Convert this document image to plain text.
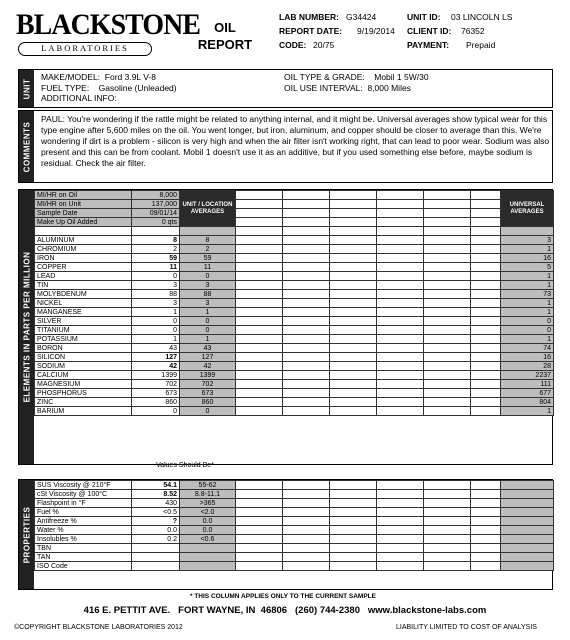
BLACKSTONE
LABORATORIES
OIL
REPORT
LAB NUMBER: G34424	UNIT ID: 03 LINCOLN LS
REPORT DATE: 9/19/2014 CLIENT ID: 76352
CODE: 20/75	PAYMENT: Prepaid
UNIT
MAKE/MODEL: Ford 3.9L V-8
FUEL TYPE: Gasoline (Unleaded)
ADDITIONAL INFO:
OIL TYPE & GRADE: Mobil 1 5W/30
OIL USE INTERVAL: 8,000 Miles
COMMENTS
PAUL: You're wondering if the rattle might be related to anything internal, and it might be. Universal averages show typical wear for this type engine after 5,600 miles on the oil. You went longer, but iron, aluminum, and copper should be closer to average than this. We're wondering if dirt is a problem - silicon is very high and when the air filter isn't working right, that can lead to poor wear. Sodium was also present and this can be from coolant. Mobil 1 doesn't use it as an additive, but if you used something else before, maybe sodium is residual. Check the air filter.
ELEMENTS IN PARTS PER MILLION
MI/HR on Oil	8,000	UNIT / LOCATION AVERAGES							UNIVERSAL AVERAGES
MI/HR on Unit	137,000								
Sample Date	09/01/14								
Make Up Oil Added	0 qts								

ALUMINUM	8	8							3
CHROMIUM	2	2							1
IRON	59	59							16
COPPER	11	11							5
LEAD	0	0							1
TIN	3	3							1
MOLYBDENUM	88	88							73
NICKEL	3	3							1
MANGANESE	1	1							1
SILVER	0	0							0
TITANIUM	0	0							0
POTASSIUM	1	1							1
BORON	43	43							74
SILICON	127	127							16
SODIUM	42	42							28
CALCIUM	1399	1399							2237
MAGNESIUM	702	702							111
PHOSPHORUS	673	673							677
ZINC	860	860							804
BARIUM	0	0							1
Values Should Be*
PROPERTIES
SUS Viscosity @ 210°F	54.1	55-62							
cSt Viscosity @ 100°C	8.52	8.8-11.1							
Flashpoint in °F	430	>365							
Fuel %	<0.5	<2.0							
Antifreeze %	?	0.0							
Water %	0.0	0.0							
Insolubles %	0.2	<0.6							
TBN									
TAN									
ISO Code									
* THIS COLUMN APPLIES ONLY TO THE CURRENT SAMPLE
416 E. PETTIT AVE.   FORT WAYNE, IN  46806   (260) 744-2380   www.blackstone-labs.com
©COPYRIGHT BLACKSTONE LABORATORIES 2012	LIABILITY LIMITED TO COST OF ANALYSIS
